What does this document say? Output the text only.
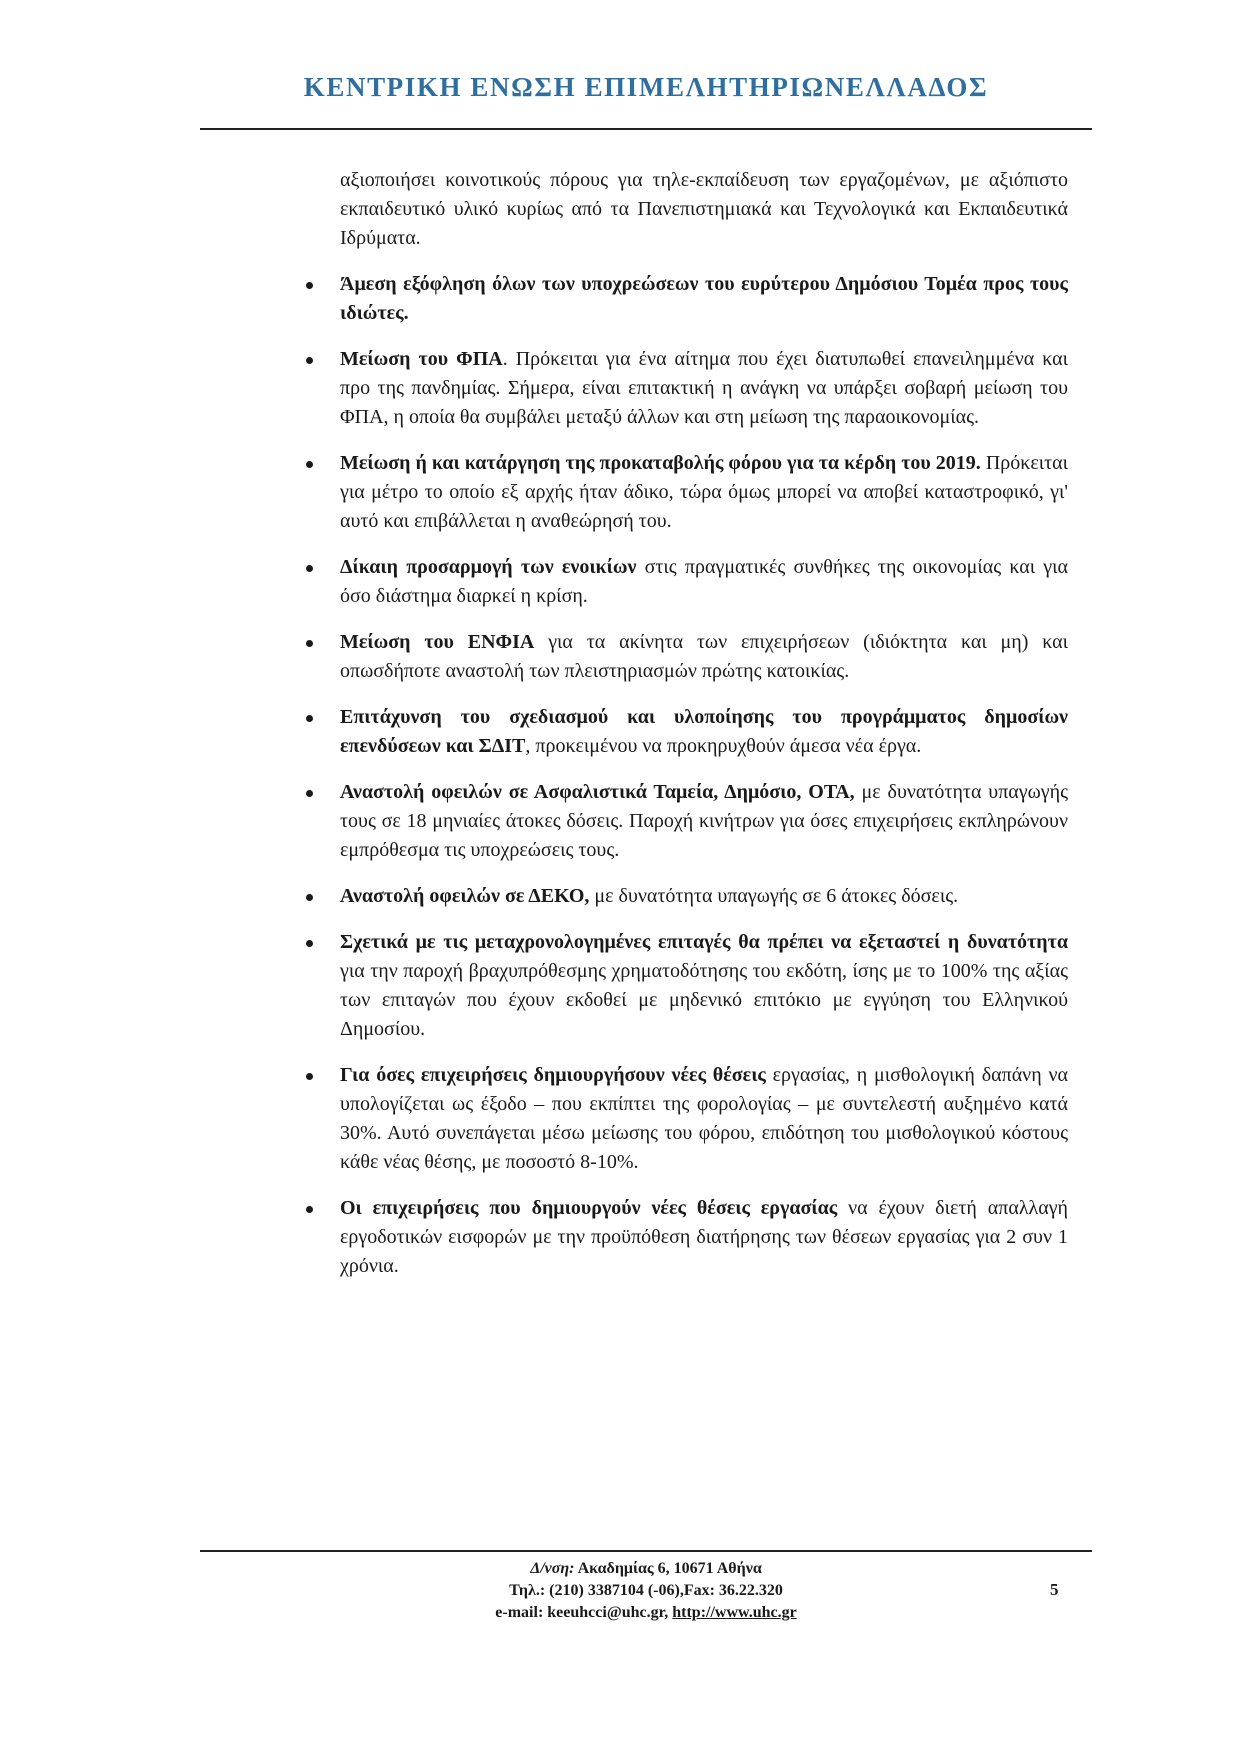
ΚΕΝΤΡΙΚΗ ΕΝΩΣΗ ΕΠΙΜΕΛΗΤΗΡΙΩΝΕΛΛΑΔΟΣ

αξιοποιήσει κοινοτικούς πόρους για τηλε-εκπαίδευση των εργαζομένων, με αξιόπιστο εκπαιδευτικό υλικό κυρίως από τα Πανεπιστημιακά και Τεχνολογικά και Εκπαιδευτικά Ιδρύματα.

Άμεση εξόφληση όλων των υποχρεώσεων του ευρύτερου Δημόσιου Τομέα προς τους ιδιώτες.
Μείωση του ΦΠΑ. Πρόκειται για ένα αίτημα που έχει διατυπωθεί επανειλημμένα και προ της πανδημίας. Σήμερα, είναι επιτακτική η ανάγκη να υπάρξει σοβαρή μείωση του ΦΠΑ, η οποία θα συμβάλει μεταξύ άλλων και στη μείωση της παραοικονομίας.
Μείωση ή και κατάργηση της προκαταβολής φόρου για τα κέρδη του 2019. Πρόκειται για μέτρο το οποίο εξ αρχής ήταν άδικο, τώρα όμως μπορεί να αποβεί καταστροφικό, γι' αυτό και επιβάλλεται η αναθεώρησή του.
Δίκαιη προσαρμογή των ενοικίων στις πραγματικές συνθήκες της οικονομίας και για όσο διάστημα διαρκεί η κρίση.
Μείωση του ΕΝΦΙΑ για τα ακίνητα των επιχειρήσεων (ιδιόκτητα και μη) και οπωσδήποτε αναστολή των πλειστηριασμών πρώτης κατοικίας.
Επιτάχυνση του σχεδιασμού και υλοποίησης του προγράμματος δημοσίων επενδύσεων και ΣΔΙΤ, προκειμένου να προκηρυχθούν άμεσα νέα έργα.
Αναστολή οφειλών σε Ασφαλιστικά Ταμεία, Δημόσιο, ΟΤΑ, με δυνατότητα υπαγωγής τους σε 18 μηνιαίες άτοκες δόσεις. Παροχή κινήτρων για όσες επιχειρήσεις εκπληρώνουν εμπρόθεσμα τις υποχρεώσεις τους.
Αναστολή οφειλών σε ΔΕΚΟ, με δυνατότητα υπαγωγής σε 6 άτοκες δόσεις.
Σχετικά με τις μεταχρονολογημένες επιταγές θα πρέπει να εξεταστεί η δυνατότητα για την παροχή βραχυπρόθεσμης χρηματοδότησης του εκδότη, ίσης με το 100% της αξίας των επιταγών που έχουν εκδοθεί με μηδενικό επιτόκιο με εγγύηση του Ελληνικού Δημοσίου.
Για όσες επιχειρήσεις δημιουργήσουν νέες θέσεις εργασίας, η μισθολογική δαπάνη να υπολογίζεται ως έξοδο – που εκπίπτει της φορολογίας – με συντελεστή αυξημένο κατά 30%. Αυτό συνεπάγεται μέσω μείωσης του φόρου, επιδότηση του μισθολογικού κόστους κάθε νέας θέσης, με ποσοστό 8-10%.
Οι επιχειρήσεις που δημιουργούν νέες θέσεις εργασίας να έχουν διετή απαλλαγή εργοδοτικών εισφορών με την προϋπόθεση διατήρησης των θέσεων εργασίας για 2 συν 1 χρόνια.
Δ/νση: Ακαδημίας 6, 10671 Αθήνα
Τηλ.: (210) 3387104 (-06),Fax: 36.22.320
e-mail: keeuhcci@uhc.gr, http://www.uhc.gr
5
